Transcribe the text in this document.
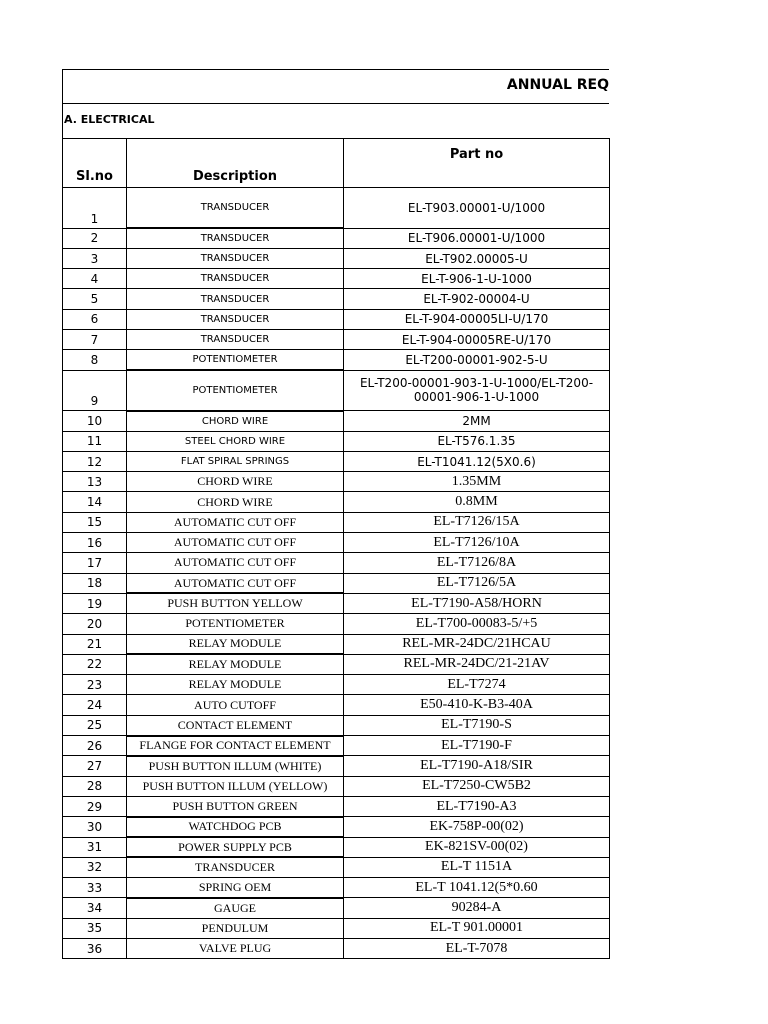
ANNUAL REQ
A. ELECTRICAL
Sl.no	Description	Part no
1	TRANSDUCER	EL-T903.00001-U/1000
2	TRANSDUCER	EL-T906.00001-U/1000
3	TRANSDUCER	EL-T902.00005-U
4	TRANSDUCER	EL-T-906-1-U-1000
5	TRANSDUCER	EL-T-902-00004-U
6	TRANSDUCER	EL-T-904-00005LI-U/170
7	TRANSDUCER	EL-T-904-00005RE-U/170
8	POTENTIOMETER	EL-T200-00001-902-5-U
9	POTENTIOMETER	EL-T200-00001-903-1-U-1000/EL-T200-00001-906-1-U-1000
10	CHORD WIRE	2MM
11	STEEL CHORD WIRE	EL-T576.1.35
12	FLAT SPIRAL SPRINGS	EL-T1041.12(5X0.6)
13	CHORD WIRE	1.35MM
14	CHORD WIRE	0.8MM
15	AUTOMATIC CUT OFF	EL-T7126/15A
16	AUTOMATIC CUT OFF	EL-T7126/10A
17	AUTOMATIC CUT OFF	EL-T7126/8A
18	AUTOMATIC CUT OFF	EL-T7126/5A
19	PUSH BUTTON YELLOW	EL-T7190-A58/HORN
20	POTENTIOMETER	EL-T700-00083-5/+5
21	RELAY MODULE	REL-MR-24DC/21HCAU
22	RELAY MODULE	REL-MR-24DC/21-21AV
23	RELAY MODULE	EL-T7274
24	AUTO CUTOFF	E50-410-K-B3-40A
25	CONTACT ELEMENT	EL-T7190-S
26	FLANGE FOR CONTACT ELEMENT	EL-T7190-F
27	PUSH BUTTON ILLUM (WHITE)	EL-T7190-A18/SIR
28	PUSH BUTTON ILLUM (YELLOW)	EL-T7250-CW5B2
29	PUSH BUTTON GREEN	EL-T7190-A3
30	WATCHDOG PCB	EK-758P-00(02)
31	POWER SUPPLY PCB	EK-821SV-00(02)
32	TRANSDUCER	EL-T 1151A
33	SPRING OEM	EL-T 1041.12(5*0.60
34	GAUGE	90284-A
35	PENDULUM	EL-T 901.00001
36	VALVE PLUG	EL-T-7078
